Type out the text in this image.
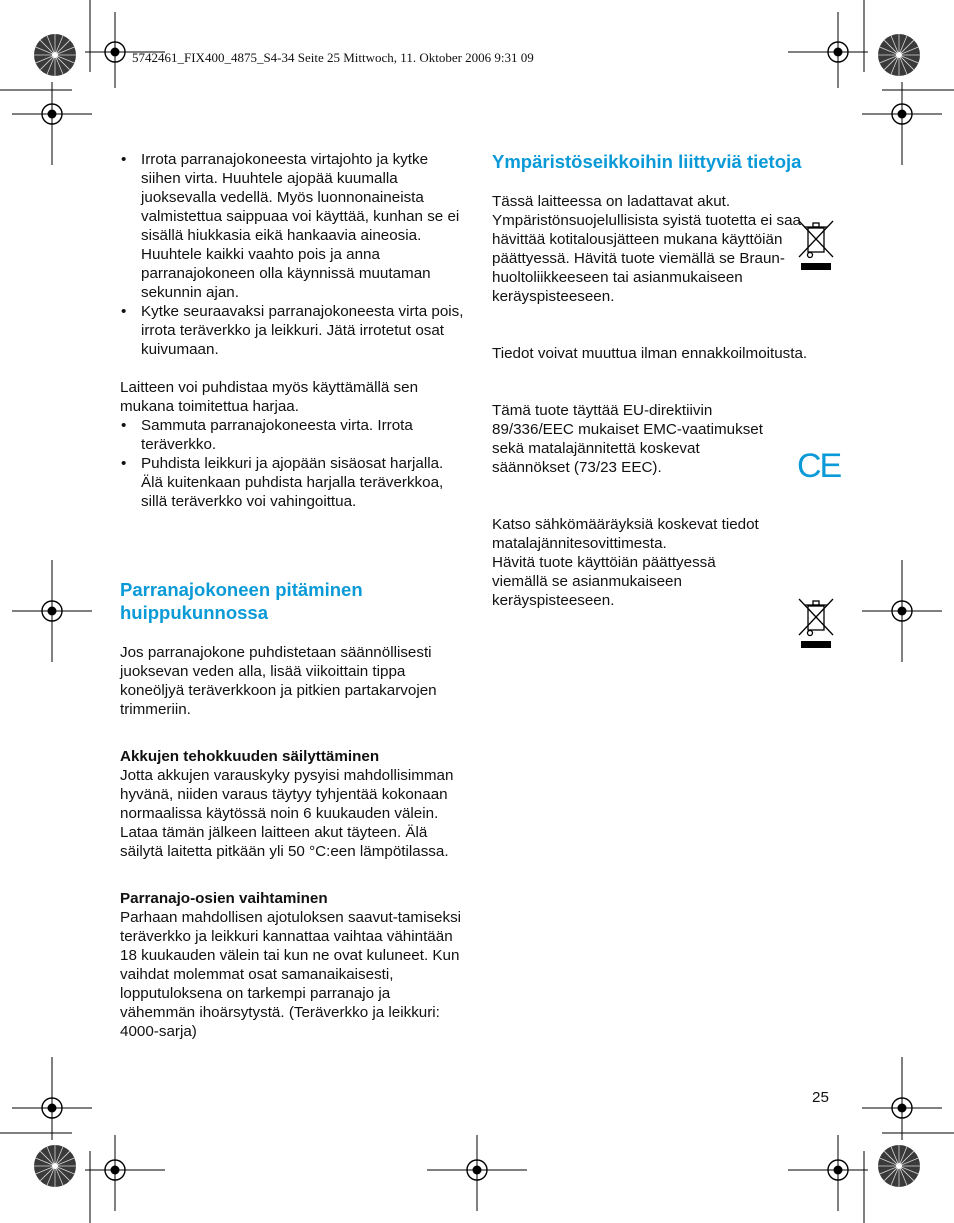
5742461_FIX400_4875_S4-34 Seite 25 Mittwoch, 11. Oktober 2006 9:31 09
• Irrota parranajokoneesta virtajohto ja kytke siihen virta. Huuhtele ajopää kuumalla juoksevalla vedellä. Myös luonnonaineista valmistettua saippuaa voi käyttää, kunhan se ei sisällä hiukkasia eikä hankaavia aineosia. Huuhtele kaikki vaahto pois ja anna parranajokoneen olla käynnissä muutaman sekunnin ajan.
• Kytke seuraavaksi parranajokoneesta virta pois, irrota teräverkko ja leikkuri. Jätä irrotetut osat kuivumaan.

Laitteen voi puhdistaa myös käyttämällä sen mukana toimitettua harjaa.

• Sammuta parranajokoneesta virta. Irrota teräverkko.
• Puhdista leikkuri ja ajopään sisäosat harjalla. Älä kuitenkaan puhdista harjalla teräverkkoa, sillä teräverkko voi vahingoittua.
Parranajokoneen pitäminen huippukunnossa

Jos parranajokone puhdistetaan säännöllisesti juoksevan veden alla, lisää viikoittain tippa koneöljyä teräverkkoon ja pitkien partakarvojen trimmeriin.

Akkujen tehokkuuden säilyttäminen

Jotta akkujen varauskyky pysyisi mahdollisimman hyvänä, niiden varaus täytyy tyhjentää kokonaan normaalissa käytössä noin 6 kuukauden välein. Lataa tämän jälkeen laitteen akut täyteen. Älä säilytä laitetta pitkään yli 50 °C:een lämpötilassa.

Parranajo-osien vaihtaminen

Parhaan mahdollisen ajotuloksen saavut-tamiseksi teräverkko ja leikkuri kannattaa vaihtaa vähintään 18 kuukauden välein tai kun ne ovat kuluneet. Kun vaihdat molemmat osat samanaikaisesti, lopputuloksena on tarkempi parranajo ja vähemmän ihoärsytystä. (Teräverkko ja leikkuri: 4000-sarja)

Ympäristöseikkoihin liittyviä tietoja

Tässä laitteessa on ladattavat akut. Ympäristönsuojelullisista syistä tuotetta ei saa hävittää kotitalousjätteen mukana käyttöiän päättyessä. Hävitä tuote viemällä se Braun-huoltoliikkeeseen tai asianmukaiseen keräyspisteeseen.

Tiedot voivat muuttua ilman ennakkoilmoitusta.

Tämä tuote täyttää EU-direktiivin 89/336/EEC mukaiset EMC-vaatimukset sekä matalajännitettä koskevat säännökset (73/23 EEC).

Katso sähkömääräyksiä koskevat tiedot matalajännitesovittimesta.

Hävitä tuote käyttöiän päättyessä viemällä se asianmukaiseen keräyspisteeseen.

CE
25
